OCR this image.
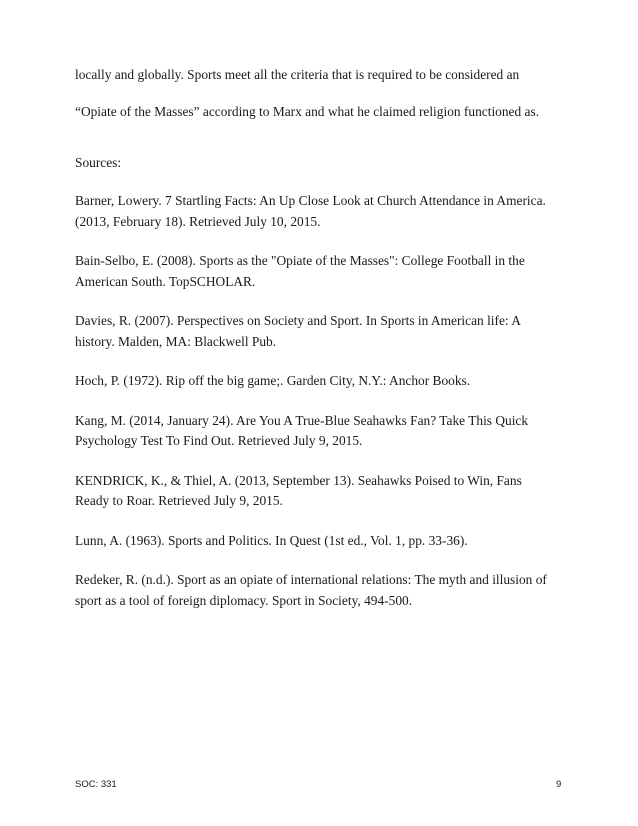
locally and globally. Sports meet all the criteria that is required to be considered an
“Opiate of the Masses” according to Marx and what he claimed religion functioned as.
Sources:
Barner, Lowery. 7 Startling Facts: An Up Close Look at Church Attendance in America.
(2013, February 18). Retrieved July 10, 2015.
Bain-Selbo, E. (2008). Sports as the "Opiate of the Masses": College Football in the
American South. TopSCHOLAR.
Davies, R. (2007). Perspectives on Society and Sport. In Sports in American life: A
history. Malden, MA: Blackwell Pub.
Hoch, P. (1972). Rip off the big game;. Garden City, N.Y.: Anchor Books.
Kang, M. (2014, January 24). Are You A True-Blue Seahawks Fan? Take This Quick
Psychology Test To Find Out. Retrieved July 9, 2015.
KENDRICK, K., & Thiel, A. (2013, September 13). Seahawks Poised to Win, Fans
Ready to Roar. Retrieved July 9, 2015.
Lunn, A. (1963). Sports and Politics. In Quest (1st ed., Vol. 1, pp. 33-36).
Redeker, R. (n.d.). Sport as an opiate of international relations: The myth and illusion of
sport as a tool of foreign diplomacy. Sport in Society, 494-500.
SOC: 331	9
